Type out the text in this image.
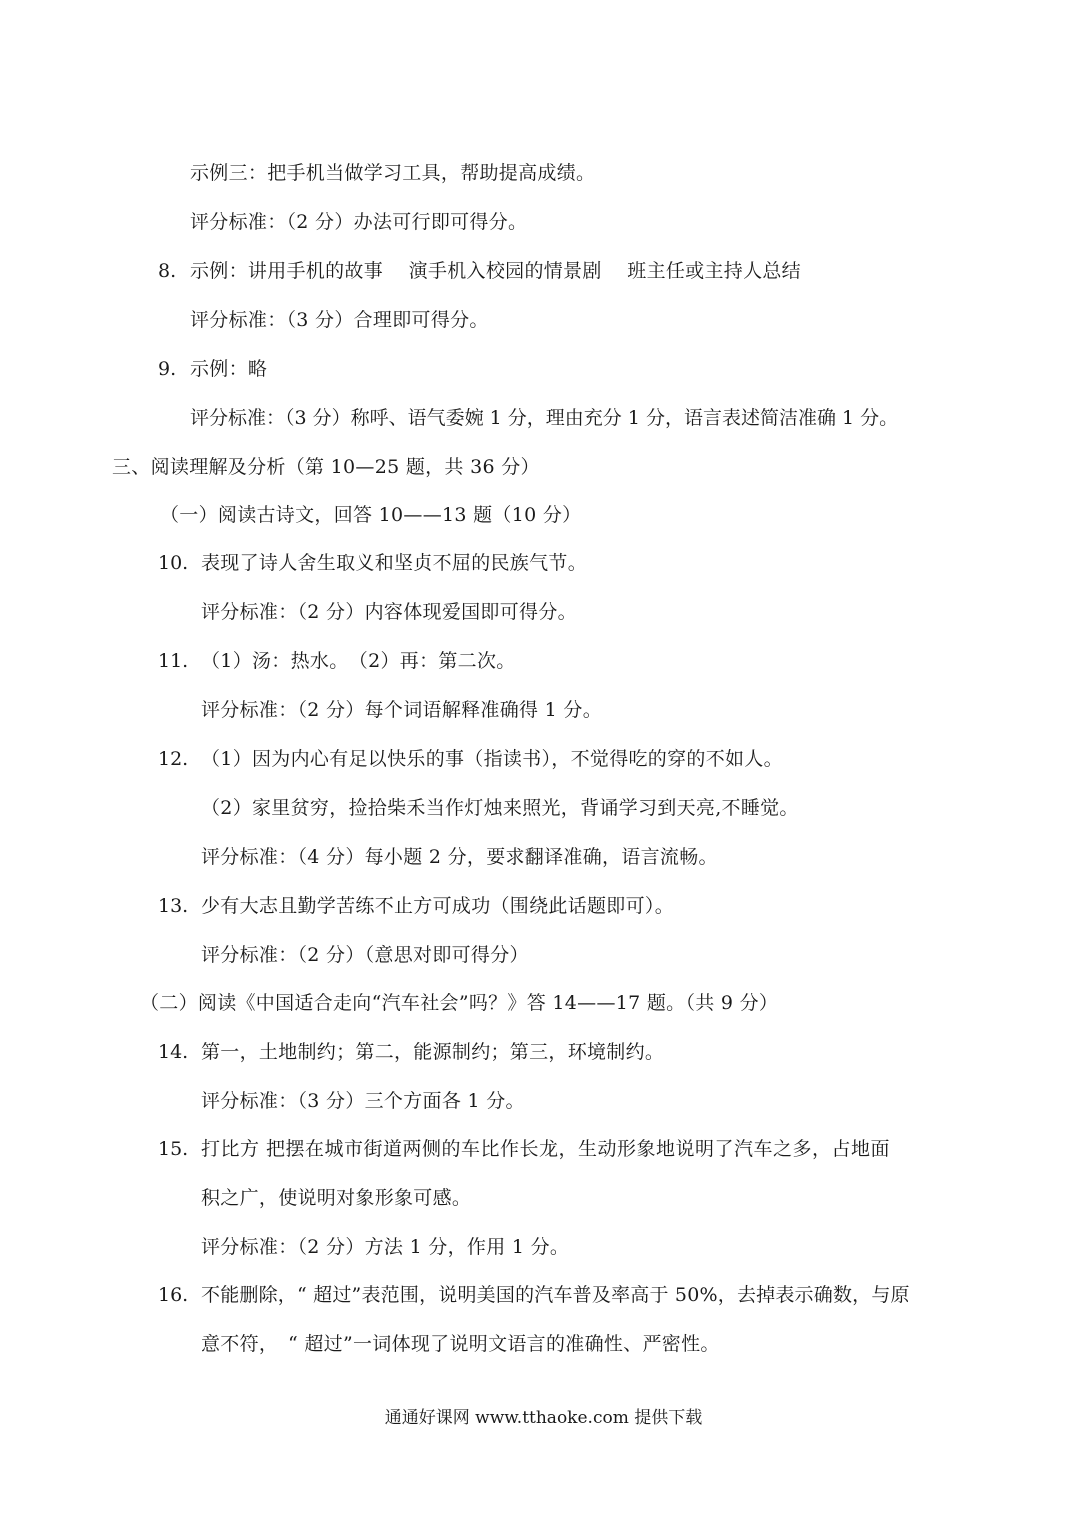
示例三：把手机当做学习工具，帮助提高成绩。
评分标准：（2 分）办法可行即可得分。
8. 示例：讲用手机的故事　 演手机入校园的情景剧　 班主任或主持人总结
评分标准：（3 分）合理即可得分。
9. 示例：略
评分标准：（3 分）称呼、语气委婉 1 分，理由充分 1 分，语言表述简洁准确 1 分。
三、阅读理解及分析（第 10—25 题，共 36 分）
（一）阅读古诗文，回答 10——13 题（10 分）
10. 表现了诗人舍生取义和坚贞不屈的民族气节。
评分标准：（2 分）内容体现爱国即可得分。
11. （1）汤：热水。　（2）再：第二次。
评分标准：（2 分）每个词语解释准确得 1 分。
12. （1）因为内心有足以快乐的事（指读书），不觉得吃的穿的不如人。
（2）家里贫穷，捡拾柴禾当作灯烛来照光，背诵学习到天亮,不睡觉。
评分标准：（4 分）每小题 2 分，要求翻译准确，语言流畅。
13. 少有大志且勤学苦练不止方可成功（围绕此话题即可）。
评分标准：（2 分）（意思对即可得分）
（二）阅读《中国适合走向“汽车社会”吗？》答 14——17 题。（共 9 分）
14. 第一，土地制约；第二，能源制约；第三，环境制约。
评分标准：（3 分）三个方面各 1 分。
15. 打比方 把摆在城市街道两侧的车比作长龙，生动形象地说明了汽车之多，占地面
积之广，使说明对象形象可感。
评分标准：（2 分）方法 1 分，作用 1 分。
16. 不能删除，“ 超过”表范围，说明美国的汽车普及率高于 50%，去掉表示确数，与原
意不符，　“ 超过”一词体现了说明文语言的准确性、严密性。
通通好课网 www.tthaoke.com 提供下载
